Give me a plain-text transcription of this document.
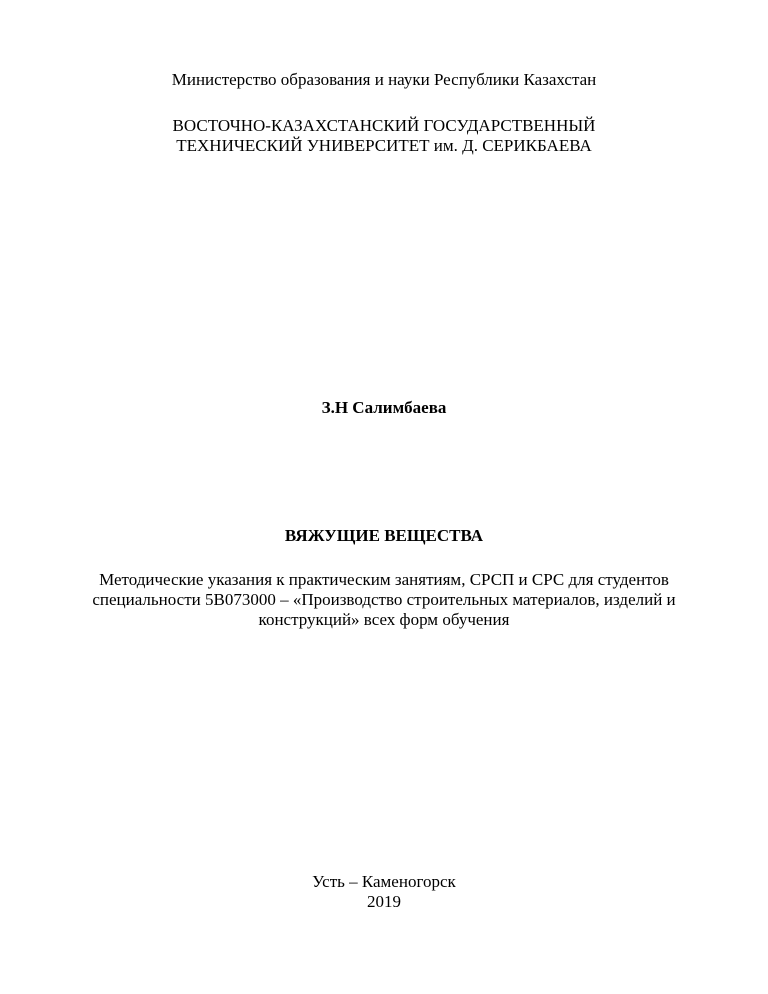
Министерство образования и науки Республики Казахстан
ВОСТОЧНО-КАЗАХСТАНСКИЙ ГОСУДАРСТВЕННЫЙ
ТЕХНИЧЕСКИЙ УНИВЕРСИТЕТ им. Д. СЕРИКБАЕВА
З.Н Салимбаева
ВЯЖУЩИЕ ВЕЩЕСТВА
Методические указания к практическим занятиям, СРСП и СРС для студентов
специальности 5В073000 – «Производство строительных материалов, изделий и
конструкций» всех форм обучения
Усть – Каменогорск
2019
